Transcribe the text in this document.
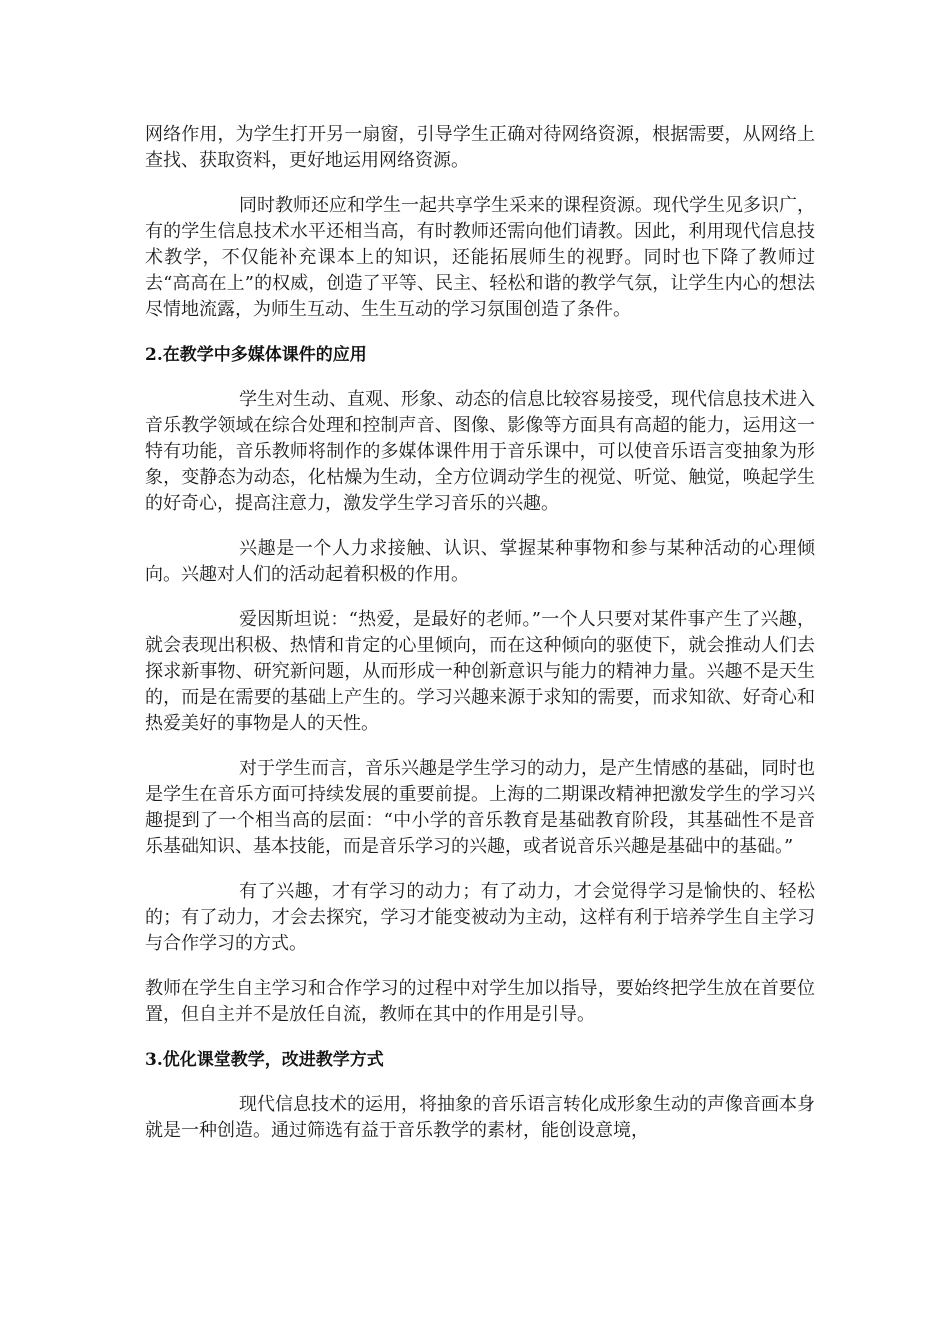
网络作用，为学生打开另一扇窗，引导学生正确对待网络资源，根据需要，从网络上查找、获取资料，更好地运用网络资源。

同时教师还应和学生一起共享学生采来的课程资源。现代学生见多识广，有的学生信息技术水平还相当高，有时教师还需向他们请教。因此，利用现代信息技术教学，不仅能补充课本上的知识，还能拓展师生的视野。同时也下降了教师过去“高高在上”的权威，创造了平等、民主、轻松和谐的教学气氛，让学生内心的想法尽情地流露，为师生互动、生生互动的学习氛围创造了条件。

2.在教学中多媒体课件的应用

学生对生动、直观、形象、动态的信息比较容易接受，现代信息技术进入音乐教学领域在综合处理和控制声音、图像、影像等方面具有高超的能力，运用这一特有功能，音乐教师将制作的多媒体课件用于音乐课中，可以使音乐语言变抽象为形象，变静态为动态，化枯燥为生动，全方位调动学生的视觉、听觉、触觉，唤起学生的好奇心，提高注意力，激发学生学习音乐的兴趣。

兴趣是一个人力求接触、认识、掌握某种事物和参与某种活动的心理倾向。兴趣对人们的活动起着积极的作用。

爱因斯坦说：“热爱，是最好的老师。”一个人只要对某件事产生了兴趣，就会表现出积极、热情和肯定的心里倾向，而在这种倾向的驱使下，就会推动人们去探求新事物、研究新问题，从而形成一种创新意识与能力的精神力量。兴趣不是天生的，而是在需要的基础上产生的。学习兴趣来源于求知的需要，而求知欲、好奇心和热爱美好的事物是人的天性。

对于学生而言，音乐兴趣是学生学习的动力，是产生情感的基础，同时也是学生在音乐方面可持续发展的重要前提。上海的二期课改精神把激发学生的学习兴趣提到了一个相当高的层面：“中小学的音乐教育是基础教育阶段，其基础性不是音乐基础知识、基本技能，而是音乐学习的兴趣，或者说音乐兴趣是基础中的基础。”

有了兴趣，才有学习的动力；有了动力，才会觉得学习是愉快的、轻松的；有了动力，才会去探究，学习才能变被动为主动，这样有利于培养学生自主学习与合作学习的方式。

教师在学生自主学习和合作学习的过程中对学生加以指导，要始终把学生放在首要位置，但自主并不是放任自流，教师在其中的作用是引导。

3.优化课堂教学，改进教学方式

现代信息技术的运用，将抽象的音乐语言转化成形象生动的声像音画本身就是一种创造。通过筛选有益于音乐教学的素材，能创设意境，
